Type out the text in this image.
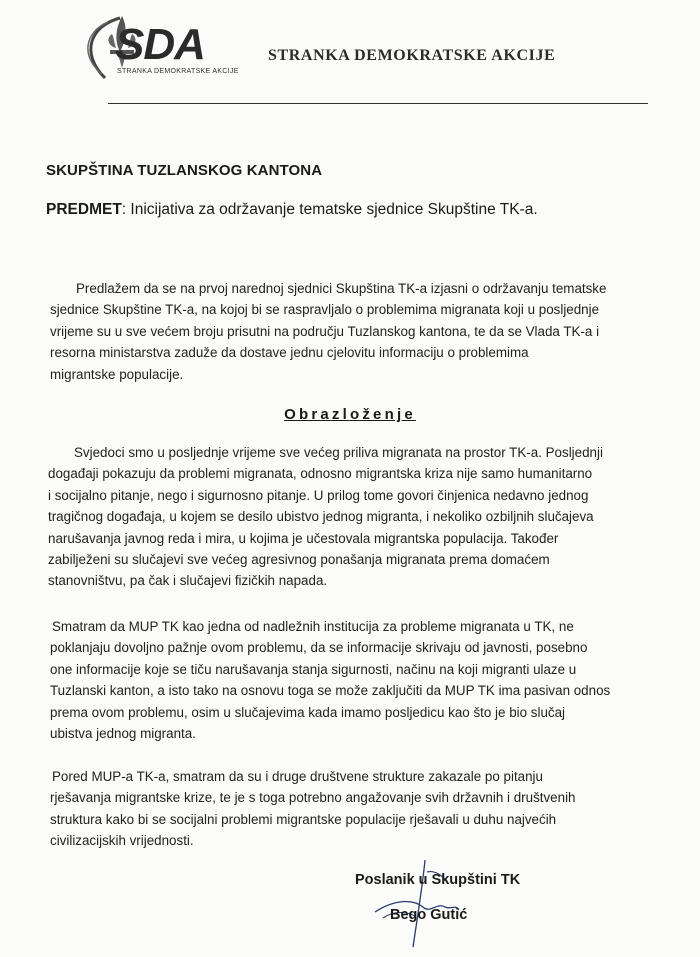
SDA
STRANKA DEMOKRATSKE AKCIJE
STRANKA DEMOKRATSKE AKCIJE
SKUPŠTINA TUZLANSKOG KANTONA
PREDMET: Inicijativa za održavanje tematske sjednice Skupštine TK-a.
Predlažem da se na prvoj narednoj sjednici Skupština TK-a izjasni o održavanju tematske
sjednice Skupštine TK-a, na kojoj bi se raspravljalo o problemima migranata koji u posljednje
vrijeme su u sve većem broju prisutni na području Tuzlanskog kantona, te da se Vlada TK-a i
resorna ministarstva zaduže da dostave jednu cjelovitu informaciju o problemima
migrantske populacije.
Obrazloženje
Svjedoci smo u posljednje vrijeme sve većeg priliva migranata na prostor TK-a. Posljednji
događaji pokazuju da problemi migranata, odnosno migrantska kriza nije samo humanitarno
i socijalno pitanje, nego i sigurnosno pitanje. U prilog tome govori činjenica nedavno jednog
tragičnog događaja, u kojem se desilo ubistvo jednog migranta, i nekoliko ozbiljnih slučajeva
narušavanja javnog reda i mira, u kojima je učestovala migrantska populacija. Također
zabilježeni su slučajevi sve većeg agresivnog ponašanja migranata prema domaćem
stanovništvu, pa čak i slučajevi fizičkih napada.
Smatram da MUP TK kao jedna od nadležnih institucija za probleme migranata u TK, ne
poklanjaju dovoljno pažnje ovom problemu, da se informacije skrivaju od javnosti, posebno
one informacije koje se tiču narušavanja stanja sigurnosti, načinu na koji migranti ulaze u
Tuzlanski kanton, a isto tako na osnovu toga se može zaključiti da MUP TK ima pasivan odnos
prema ovom problemu, osim u slučajevima kada imamo posljedicu kao što je bio slučaj
ubistva jednog migranta.
Pored MUP-a TK-a, smatram da su i druge društvene strukture zakazale po pitanju
rješavanja migrantske krize, te je s toga potrebno angažovanje svih državnih i društvenih
struktura kako bi se socijalni problemi migrantske populacije rješavali u duhu najvećih
civilizacijskih vrijednosti.
Poslanik u Skupštini TK
Bego Gutić
